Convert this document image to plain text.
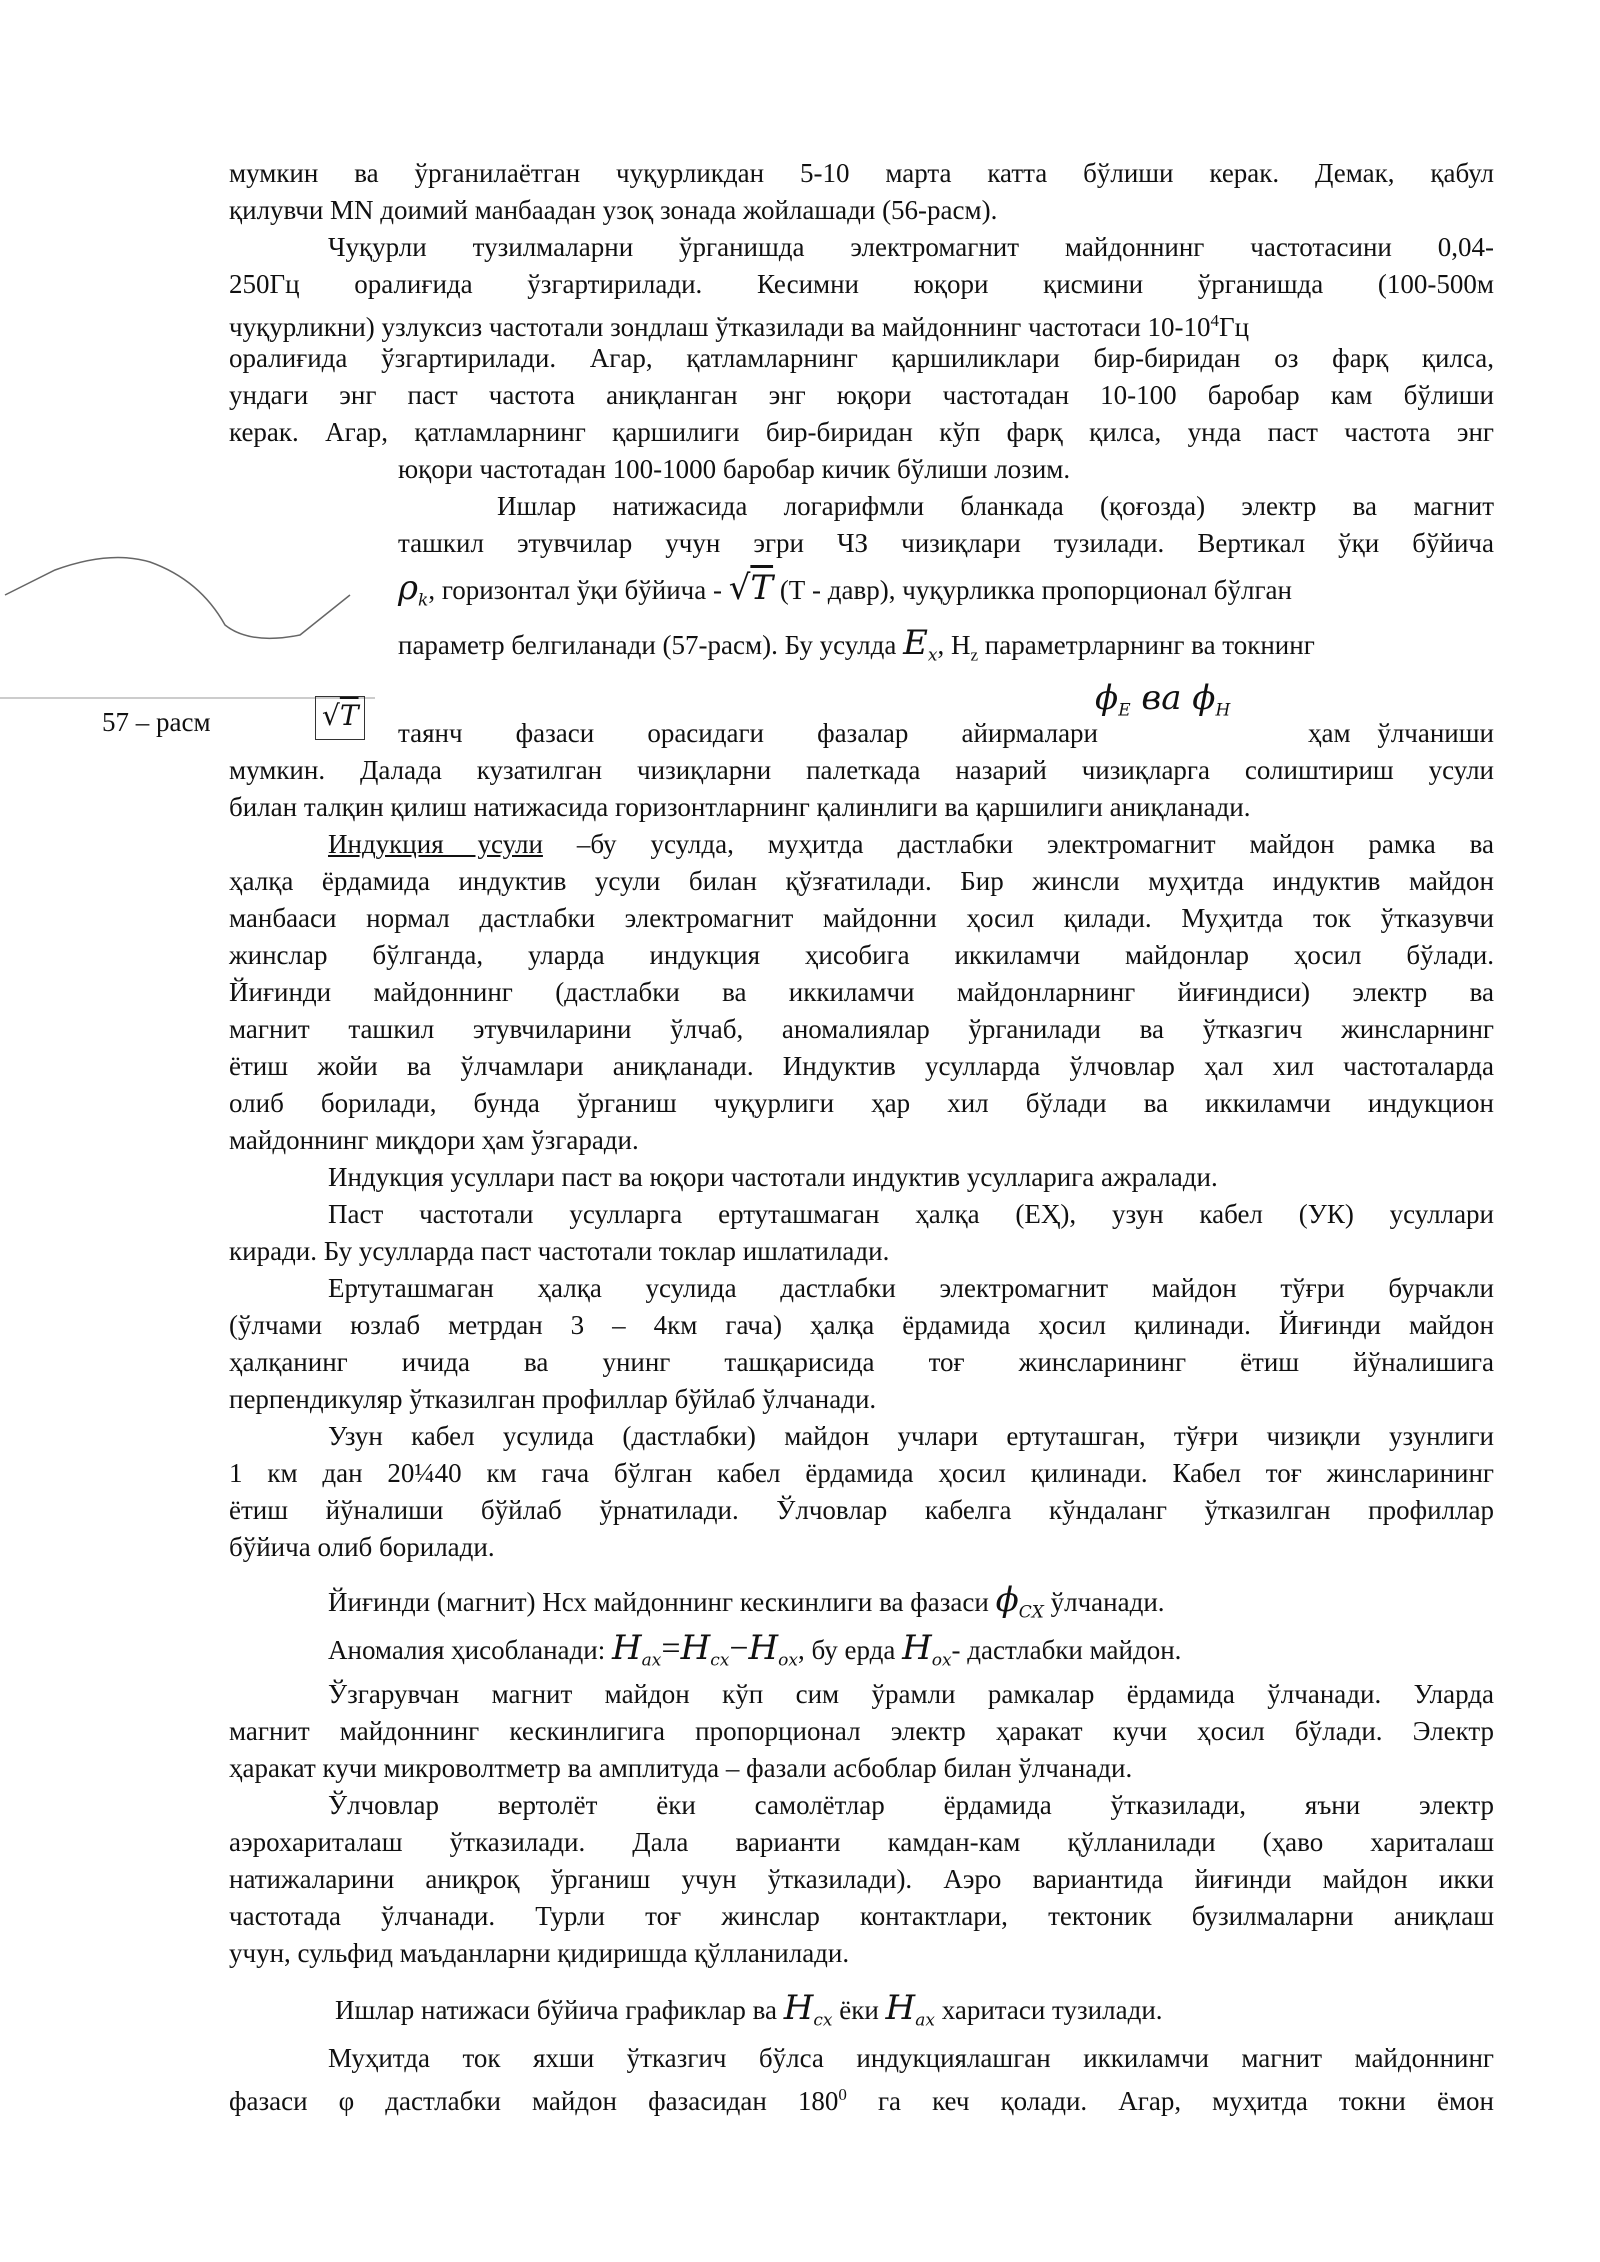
57 – расм	√T
мумкин ва ўрганилаётган чуқурликдан 5-10 марта катта бўлиши керак. Демак, қабул
қилувчи MN доимий манбаадан узоқ зонада жойлашади (56-расм).
Чуқурли тузилмаларни ўрганишда электромагнит майдоннинг частотасини 0,04-
250Гц оралиғида ўзгартирилади. Кесимни юқори қисмини ўрганишда (100-500м
чуқурликни) узлуксиз частотали зондлаш ўтказилади ва майдоннинг частотаси $10-10^4Гц$
оралиғида ўзгартирилади. Агар, қатламларнинг қаршиликлари бир-биридан оз фарқ қилса,
ундаги энг паст частота аниқланган энг юқори частотадан 10-100 баробар кам бўлиши
керак. Агар, қатламларнинг қаршилиги бир-биридан кўп фарқ қилса, унда паст частота энг
юқори частотадан 100-1000 баробар кичик бўлиши лозим.
Ишлар натижасида логарифмли бланкада (қоғозда) электр ва магнит
ташкил этувчилар учун эгри ЧЗ чизиқлари тузилади. Вертикал ўқи бўйича
$\rho_k$, горизонтал ўқи бўйича - √T (Т - давр), чуқурликка пропорционал бўлган
параметр белгиланади (57-расм). Бу усулда $E_x$, $H_z$ параметрларнинг ва токнинг
$\phi_E$ ва $\phi_H$
таянч фазаси орасидаги фазалар айирмалари	ҳам ўлчаниши
мумкин. Далада кузатилган чизиқларни палеткада назарий чизиқларга солиштириш усули
билан талқин қилиш натижасида горизонтларнинг қалинлиги ва қаршилиги аниқланади.
Индукция усули –бу усулда, муҳитда дастлабки электромагнит майдон рамка ва
ҳалқа ёрдамида индуктив усули билан қўзғатилади. Бир жинсли муҳитда индуктив майдон
манбааси нормал дастлабки электромагнит майдонни ҳосил қилади. Муҳитда ток ўтказувчи
жинслар бўлганда, уларда индукция ҳисобига иккиламчи майдонлар ҳосил бўлади.
Йиғинди майдоннинг (дастлабки ва иккиламчи майдонларнинг йиғиндиси) электр ва
магнит ташкил этувчиларини ўлчаб, аномалиялар ўрганилади ва ўтказгич жинсларнинг
ётиш жойи ва ўлчамлари аниқланади. Индуктив усулларда ўлчовлар ҳал хил частоталарда
олиб борилади, бунда ўрганиш чуқурлиги ҳар хил бўлади ва иккиламчи индукцион
майдоннинг миқдори ҳам ўзгаради.
Индукция усуллари паст ва юқори частотали индуктив усулларига ажралади.
Паст частотали усулларга ертуташмаган ҳалқа (ЕҲ), узун кабел (УК) усуллари
киради. Бу усулларда паст частотали токлар ишлатилади.
Ертуташмаган ҳалқа усулида дастлабки электромагнит майдон тўғри бурчакли
(ўлчами юзлаб метрдан 3 – 4км гача) ҳалқа ёрдамида ҳосил қилинади. Йиғинди майдон
ҳалқанинг ичида ва унинг ташқарисида тоғ жинсларининг ётиш йўналишига
перпендикуляр ўтказилган профиллар бўйлаб ўлчанади.
Узун кабел усулида (дастлабки) майдон учлари ертуташган, тўғри чизиқли узунлиги
1 км дан 20¼40 км гача бўлган кабел ёрдамида ҳосил қилинади. Кабел тоғ жинсларининг
ётиш йўналиши бўйлаб ўрнатилади. Ўлчовлар кабелга кўндаланг ўтказилган профиллар
бўйича олиб борилади.
Йиғинди (магнит) Нсх майдоннинг кескинлиги ва фазаси $\phi_{CX}$ ўлчанади.
Аномалия ҳисобланади: $H_{ax}=H_{cx}-H_{ox}$, бу ерда $H_{ox}-$ дастлабки майдон.
Ўзгарувчан магнит майдон кўп сим ўрамли рамкалар ёрдамида ўлчанади. Уларда
магнит майдоннинг кескинлигига пропорционал электр ҳаракат кучи ҳосил бўлади. Электр
ҳаракат кучи микроволтметр ва амплитуда – фазали асбоблар билан ўлчанади.
Ўлчовлар вертолёт ёки самолётлар ёрдамида ўтказилади, яъни электр
аэрохариталаш ўтказилади. Дала варианти камдан-кам қўлланилади (ҳаво хариталаш
натижаларини аниқроқ ўрганиш учун ўтказилади). Аэро вариантида йиғинди майдон икки
частотада ўлчанади. Турли тоғ жинслар контактлари, тектоник бузилмаларни аниқлаш
учун, сульфид маъданларни қидиришда қўлланилади.
Ишлар натижаси бўйича графиклар ва $H_{cx}$ ёки $H_{ax}$ харитаси тузилади.
Муҳитда ток яхши ўтказгич бўлса индукциялашган иккиламчи магнит майдоннинг
фазаси φ дастлабки майдон фазасидан $180^0$ га кеч қолади. Агар, муҳитда токни ёмон
